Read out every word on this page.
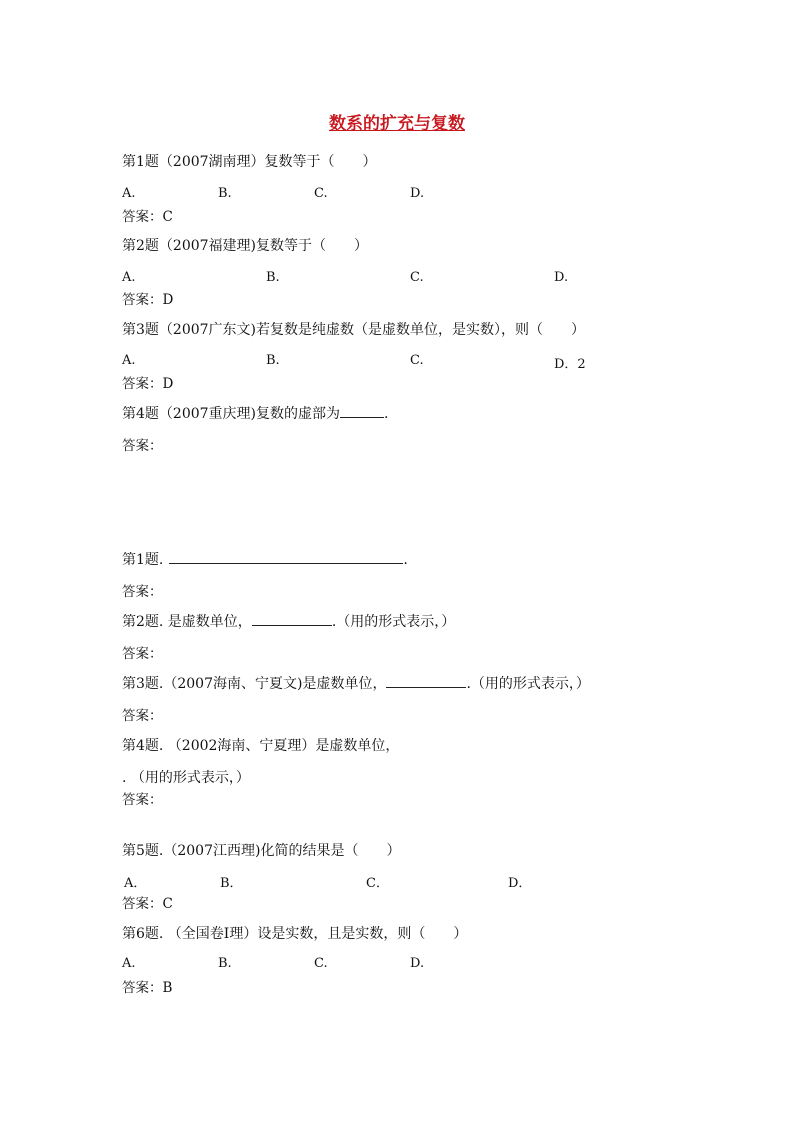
数系的扩充与复数
第1题（2007湖南理）复数等于（　　）
A.	B.	C.	D.
答案：C
第2题（2007福建理)复数等于（　　）
A.	B.	C.	D.
答案：D
第3题（2007广东文)若复数是纯虚数（是虚数单位，是实数），则（　　）
A.	B.	C.	D．2
答案：D
第4题（2007重庆理)复数的虚部为	.
答案：
第1题.	.
答案：
第2题. 是虚数单位，	.（用的形式表示，）
答案：
第3题.（2007海南、宁夏文)是虚数单位，	.（用的形式表示，）
答案：
第4题. （2002海南、宁夏理）是虚数单位，
. （用的形式表示，）
答案：
第5题.（2007江西理)化简的结果是（　　）
A．	B．	C．	D．
答案：C
第6题. （全国卷I理）设是实数，且是实数，则（　　）
A.	B.	C.	D.
答案：B
